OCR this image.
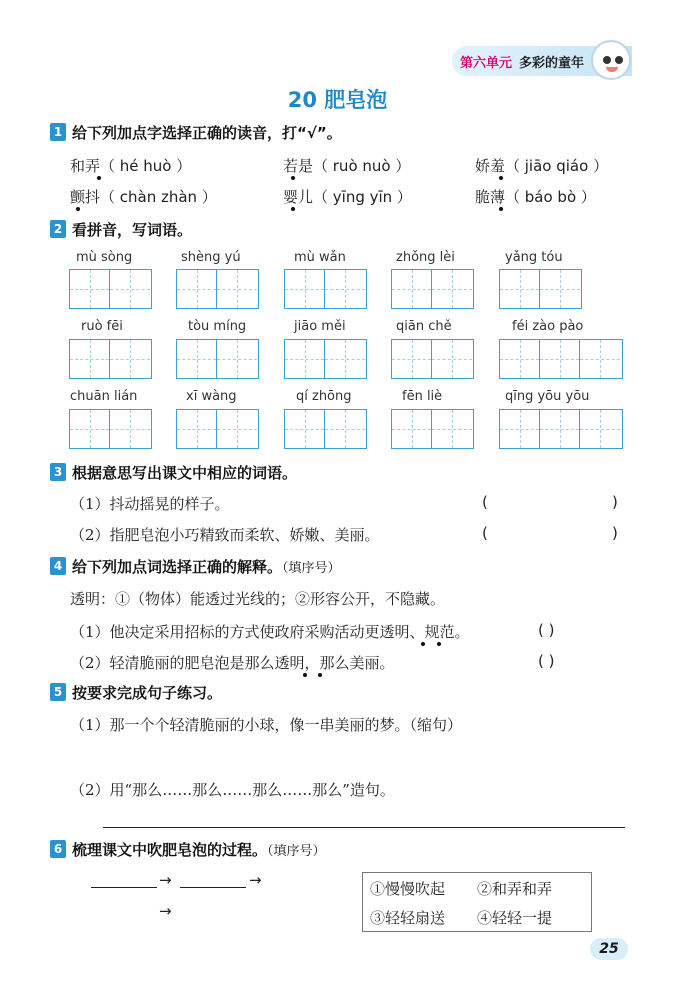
第六单元 多彩的童年
20 肥皂泡
1 给下列加点字选择正确的读音，打“√”。
和弄（ hé huò ）	若是（ ruò nuò ）	娇羞（ jiāo qiáo ）
颤抖（ chàn zhàn ）	婴儿（ yīng yīn ）	脆薄（ báo bò ）
2 看拼音，写词语。
mù sòng	shèng yú	mù wǎn	zhǒng lèi	yǎng tóu
ruò fēi	tòu míng	jiāo měi	qiān chě	féi zào pào
chuān lián	xī wàng	qí zhōng	fēn liè	qīng yōu yōu
3 根据意思写出课文中相应的词语。
（1）抖动摇晃的样子。	(	)
（2）指肥皂泡小巧精致而柔软、娇嫩、美丽。	(	)
4 给下列加点词选择正确的解释。（填序号）
透明：①（物体）能透过光线的；②形容公开，不隐藏。
（1）他决定采用招标的方式使政府采购活动更透明、规范。	( )
（2）轻清脆丽的肥皂泡是那么透明，那么美丽。	( )
5 按要求完成句子练习。
（1）那一个个轻清脆丽的小球，像一串美丽的梦。（缩句）
（2）用“那么……那么……那么……那么”造句。
6 梳理课文中吹肥皂泡的过程。（填序号）
→	→
→
①慢慢吹起 ②和弄和弄
③轻轻扇送 ④轻轻一提
25
